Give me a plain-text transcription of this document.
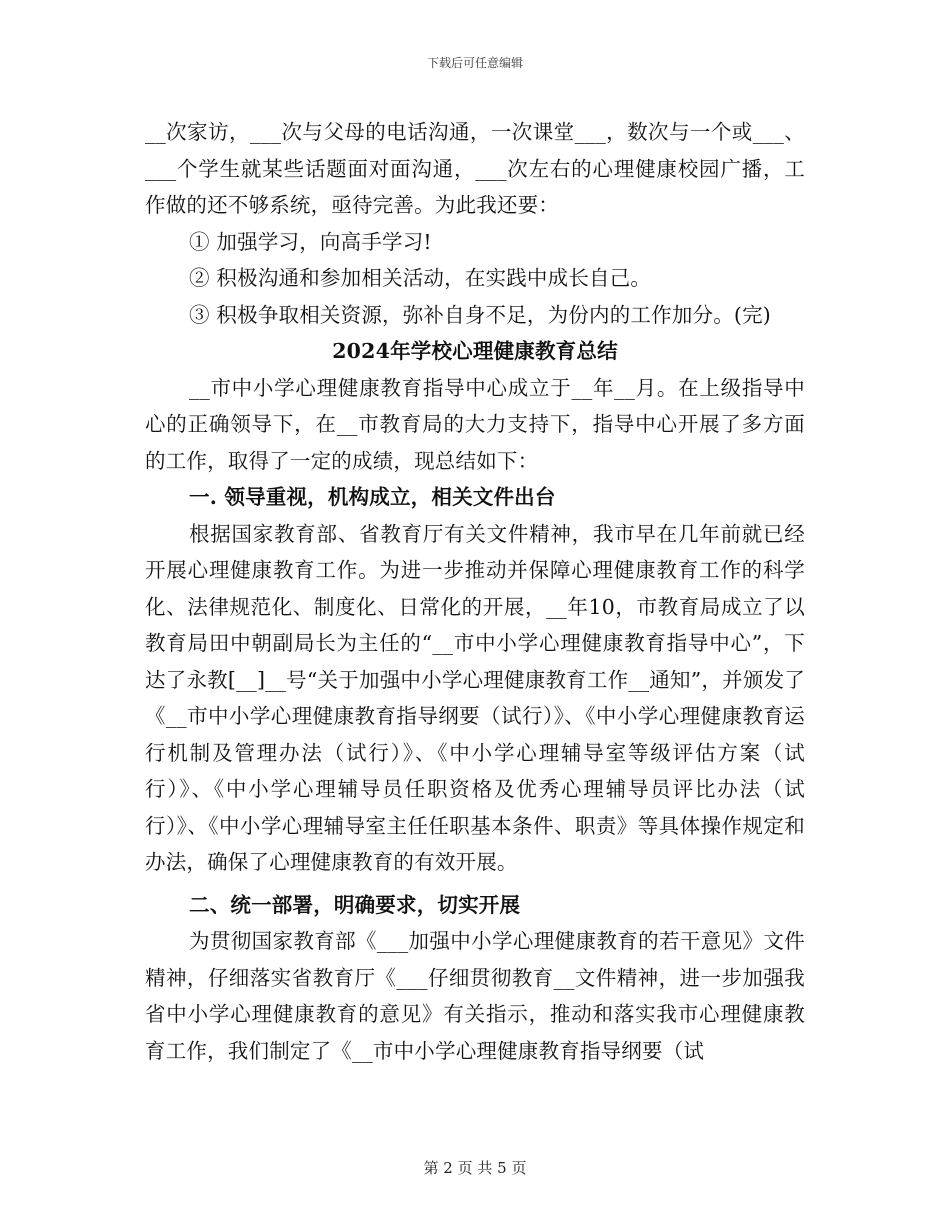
下载后可任意编辑

__次家访，___次与父母的电话沟通，一次课堂___，数次与一个或___、___个学生就某些话题面对面沟通，___次左右的心理健康校园广播，工作做的还不够系统，亟待完善。为此我还要：

① 加强学习，向高手学习!

② 积极沟通和参加相关活动，在实践中成长自己。

③ 积极争取相关资源，弥补自身不足，为份内的工作加分。(完)

2024年学校心理健康教育总结

__市中小学心理健康教育指导中心成立于__年__月。在上级指导中心的正确领导下，在__市教育局的大力支持下，指导中心开展了多方面的工作，取得了一定的成绩，现总结如下：

一. 领导重视，机构成立，相关文件出台

根据国家教育部、省教育厅有关文件精神，我市早在几年前就已经开展心理健康教育工作。为进一步推动并保障心理健康教育工作的科学化、法律规范化、制度化、日常化的开展，__年10，市教育局成立了以教育局田中朝副局长为主任的“__市中小学心理健康教育指导中心”，下达了永教[__]__号“关于加强中小学心理健康教育工作__通知”，并颁发了《__市中小学心理健康教育指导纲要（试行）》、《中小学心理健康教育运行机制及管理办法（试行）》、《中小学心理辅导室等级评估方案（试行）》、《中小学心理辅导员任职资格及优秀心理辅导员评比办法（试行）》、《中小学心理辅导室主任任职基本条件、职责》等具体操作规定和办法，确保了心理健康教育的有效开展。

二、统一部署，明确要求，切实开展

为贯彻国家教育部《___加强中小学心理健康教育的若干意见》文件精神，仔细落实省教育厅《___仔细贯彻教育__文件精神，进一步加强我省中小学心理健康教育的意见》有关指示，推动和落实我市心理健康教育工作，我们制定了《__市中小学心理健康教育指导纲要（试

第 2 页 共 5 页
